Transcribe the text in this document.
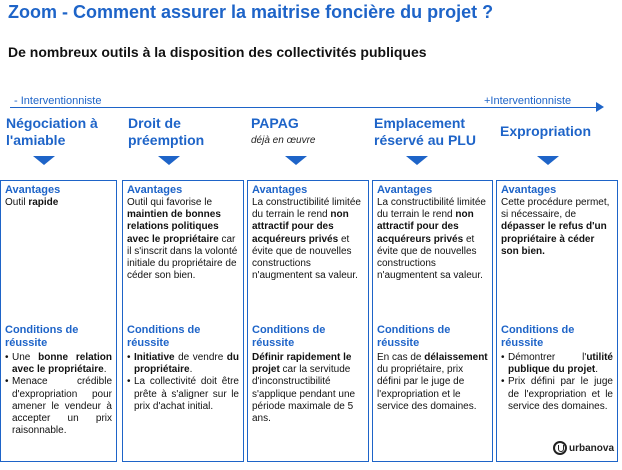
Zoom - Comment assurer la maitrise foncière du projet ?
De nombreux outils à la disposition des collectivités publiques
- Interventionniste	+Interventionniste
Négociation à
l'amiable
Droit de
préemption
PAPAG
déjà en œuvre
Emplacement
réservé au PLU
Expropriation
Avantages

Outil rapide

Conditions de réussite
• Une bonne relation avec le propriétaire.
• Menace crédible d'expropriation pour amener le vendeur à accepter un prix raisonnable.
Avantages

Outil qui favorise le maintien de bonnes relations politiques avec le propriétaire car il s'inscrit dans la volonté initiale du propriétaire de céder son bien.

Conditions de réussite
• Initiative de vendre du propriétaire.
• La collectivité doit être prête à s'aligner sur le prix d'achat initial.
Avantages

La constructibilité limitée du terrain le rend non attractif pour des acquéreurs privés et évite que de nouvelles constructions n'augmentent sa valeur.

Conditions de réussite

Définir rapidement le projet car la servitude d'inconstructibilité s'applique pendant une période maximale de 5 ans.

Avantages

La constructibilité limitée du terrain le rend non attractif pour des acquéreurs privés et évite que de nouvelles constructions n'augmentent sa valeur.

Conditions de réussite

En cas de délaissement du propriétaire, prix défini par le juge de l'expropriation et le service des domaines.

Avantages

Cette procédure permet, si nécessaire, de dépasser le refus d'un propriétaire à céder son bien.

Conditions de réussite
• Démontrer l'utilité publique du projet.
• Prix défini par le juge de l'expropriation et le service des domaines.
urbanova
